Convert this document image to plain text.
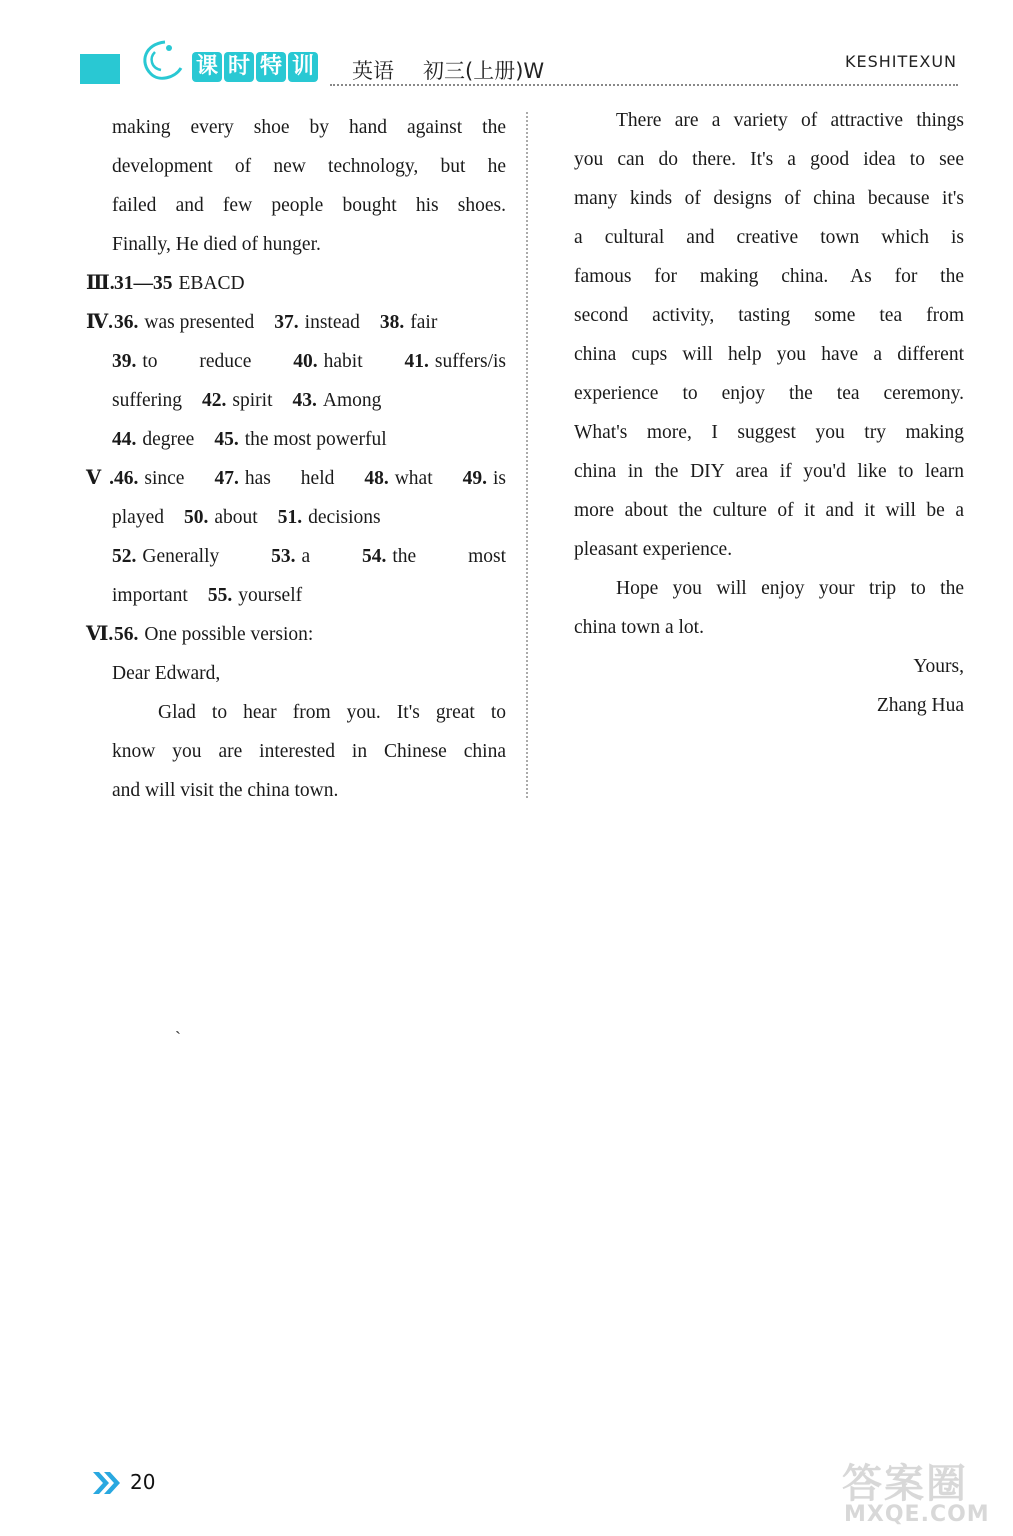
课 时 特 训 英语 初三(上册)W	KESHITEXUN
making every shoe by hand against the
development of new technology, but he
failed and few people bought his shoes.
Finally, He died of hunger.
Ⅲ.31—35 EBACD
Ⅳ.36. was presented 37. instead 38. fair
39. to reduce 40. habit 41. suffers/is
suffering 42. spirit 43. Among
44. degree 45. the most powerful
Ⅴ.46. since 47. has held 48. what 49. is
played 50. about 51. decisions
52. Generally	53. a	54. the most
important 55. yourself
Ⅵ.56. One possible version:
Dear Edward,
Glad to hear from you. It's great to
know you are interested in Chinese china
and will visit the china town.
There are a variety of attractive things
you can do there. It's a good idea to see
many kinds of designs of china because it's
a cultural and creative town which is
famous for making china. As for the
second activity, tasting some tea from
china cups will help you have a different
experience to enjoy the tea ceremony.
What's more, I suggest you try making
china in the DIY area if you'd like to learn
more about the culture of it and it will be a
pleasant experience.
Hope you will enjoy your trip to the
china town a lot.
Yours,
Zhang Hua
ˋ
20	答案圈
MXQE.COM
